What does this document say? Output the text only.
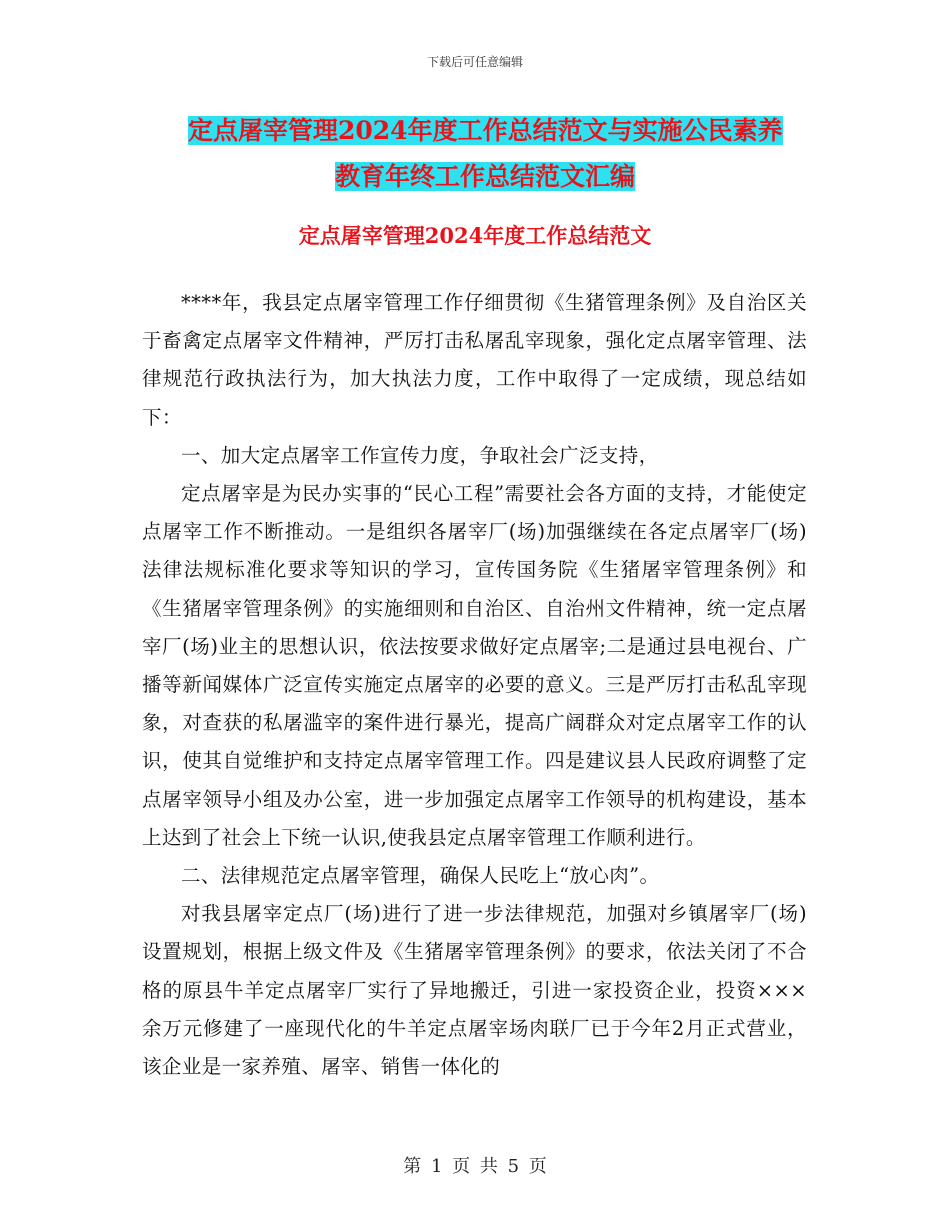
下载后可任意编辑
定点屠宰管理2024年度工作总结范文与实施公民素养
教育年终工作总结范文汇编
定点屠宰管理2024年度工作总结范文

****年，我县定点屠宰管理工作仔细贯彻《生猪管理条例》及自治区关于畜禽定点屠宰文件精神，严厉打击私屠乱宰现象，强化定点屠宰管理、法律规范行政执法行为，加大执法力度，工作中取得了一定成绩，现总结如下：

一、加大定点屠宰工作宣传力度，争取社会广泛支持，

定点屠宰是为民办实事的“民心工程”需要社会各方面的支持，才能使定点屠宰工作不断推动。一是组织各屠宰厂(场)加强继续在各定点屠宰厂(场)法律法规标准化要求等知识的学习，宣传国务院《生猪屠宰管理条例》和《生猪屠宰管理条例》的实施细则和自治区、自治州文件精神，统一定点屠宰厂(场)业主的思想认识，依法按要求做好定点屠宰;二是通过县电视台、广播等新闻媒体广泛宣传实施定点屠宰的必要的意义。三是严厉打击私乱宰现象，对查获的私屠滥宰的案件进行暴光，提高广阔群众对定点屠宰工作的认识，使其自觉维护和支持定点屠宰管理工作。四是建议县人民政府调整了定点屠宰领导小组及办公室，进一步加强定点屠宰工作领导的机构建设，基本上达到了社会上下统一认识,使我县定点屠宰管理工作顺利进行。

二、法律规范定点屠宰管理，确保人民吃上“放心肉”。

对我县屠宰定点厂(场)进行了进一步法律规范，加强对乡镇屠宰厂(场)设置规划，根据上级文件及《生猪屠宰管理条例》的要求，依法关闭了不合格的原县牛羊定点屠宰厂实行了异地搬迁，引进一家投资企业，投资×××余万元修建了一座现代化的牛羊定点屠宰场肉联厂已于今年2月正式营业，该企业是一家养殖、屠宰、销售一体化的

第 1 页 共 5 页
